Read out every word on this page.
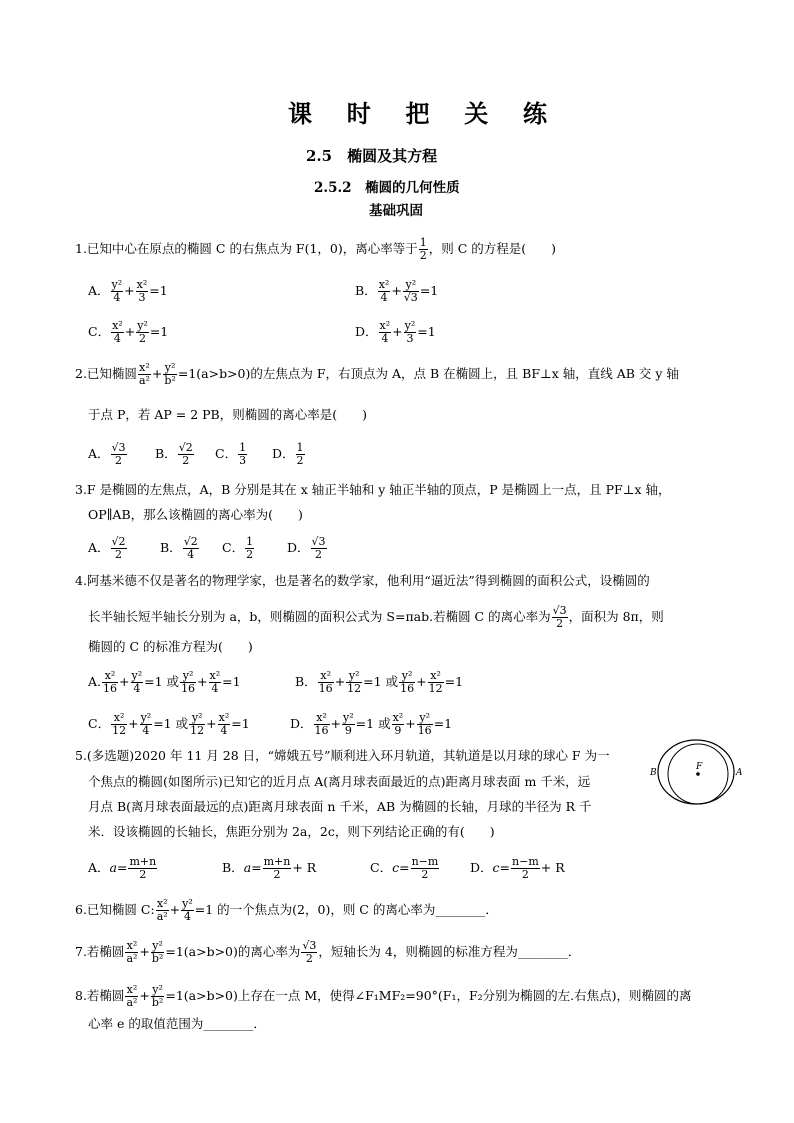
课 时 把 关 练
2.5　椭圆及其方程
2.5.2　椭圆的几何性质
基础巩固
1.已知中心在原点的椭圆 C 的右焦点为 F(1，0)，离心率等于 $\frac{1}{2}$ ，则 C 的方程是(　　)
A． $\frac{\text{y²}}{4} + \frac{\text{x²}}{3} =1$	B． $\frac{\text{x²}}{4} + \frac{\text{y²}}{√3} =1$
C． $\frac{\text{x²}}{4} + \frac{\text{y²}}{2} =1$	D． $\frac{\text{x²}}{4} + \frac{\text{y²}}{3} =1$
2.已知椭圆 $\frac{\text{x²}}{\text{a²}} + \frac{\text{y²}}{\text{b²}} =1(a>b>0)$的左焦点为 F，右顶点为 A，点 B 在椭圆上，且 BF⊥x 轴，直线 AB 交 y 轴
于点 P，若 AP = 2 PB，则椭圆的离心率是(　　)
A． $\frac{√3}{2}$ B． $\frac{√2}{2}$ C． $\frac{1}{3}$ D． $\frac{1}{2}$
3.F 是椭圆的左焦点，A，B 分别是其在 x 轴正半轴和 y 轴正半轴的顶点，P 是椭圆上一点，且 PF⊥x 轴，
OP∥AB，那么该椭圆的离心率为(　　)
A． $\frac{√2}{2}$	B． $\frac{√2}{4}$ C． $\frac{1}{2}$	D． $\frac{√3}{2}$
4.阿基米德不仅是著名的物理学家，也是著名的数学家，他利用“逼近法”得到椭圆的面积公式，设椭圆的
长半轴长短半轴长分别为 a，b，则椭圆的面积公式为 S=πab.若椭圆 C 的离心率为 $\frac{√3}{2}$ ，面积为 8π，则
椭圆的 C 的标准方程为(　　)
A. $\frac{\text{x²}}{16} + \frac{\text{y²}}{4} =1$ 或 $\frac{\text{y²}}{16} + \frac{\text{x²}}{4} =1$	B． $\frac{\text{x²}}{16} + \frac{\text{y²}}{12} =1$ 或 $\frac{\text{y²}}{16} + \frac{\text{x²}}{12} =1$
C． $\frac{\text{x²}}{12} + \frac{\text{y²}}{4} =1$ 或 $\frac{\text{y²}}{12} + \frac{\text{x²}}{4} =1$	D． $\frac{\text{x²}}{16} + \frac{\text{y²}}{9} =1$ 或 $\frac{\text{x²}}{9} + \frac{\text{y²}}{16} =1$
5.(多选题)2020 年 11 月 28 日，“嫦娥五号”顺利进入环月轨道，其轨道是以月球的球心 F 为一
个焦点的椭圆(如图所示)已知它的近月点 A(离月球表面最近的点)距离月球表面 m 千米，远
月点 B(离月球表面最远的点)距离月球表面 n 千米，AB 为椭圆的长轴，月球的半径为 R 千
米．设该椭圆的长轴长，焦距分别为 2a，2c，则下列结论正确的有(　　)
B
F
A
A．$a= \frac{m+n}{2}$	B．$a= \frac{m+n}{2} + R$	C．$c= \frac{n-m}{2}$ D．$c= \frac{n-m}{2} + R$
6.已知椭圆 C: $\frac{\text{x²}}{\text{a²}} + \frac{\text{y²}}{4} =1$ 的一个焦点为(2，0)，则 C 的离心率为________．
7.若椭圆 $\frac{\text{x²}}{\text{a²}} + \frac{\text{y²}}{\text{b²}} =1(a>b>0)$的离心率为 $\frac{√3}{2}$ ，短轴长为 4，则椭圆的标准方程为________．
8.若椭圆 $\frac{\text{x²}}{\text{a²}} + \frac{\text{y²}}{\text{b²}} =1(a>b>0)$上存在一点 M，使得∠F₁MF₂=90°(F₁，F₂分别为椭圆的左.右焦点)，则椭圆的离
心率 e 的取值范围为________．
